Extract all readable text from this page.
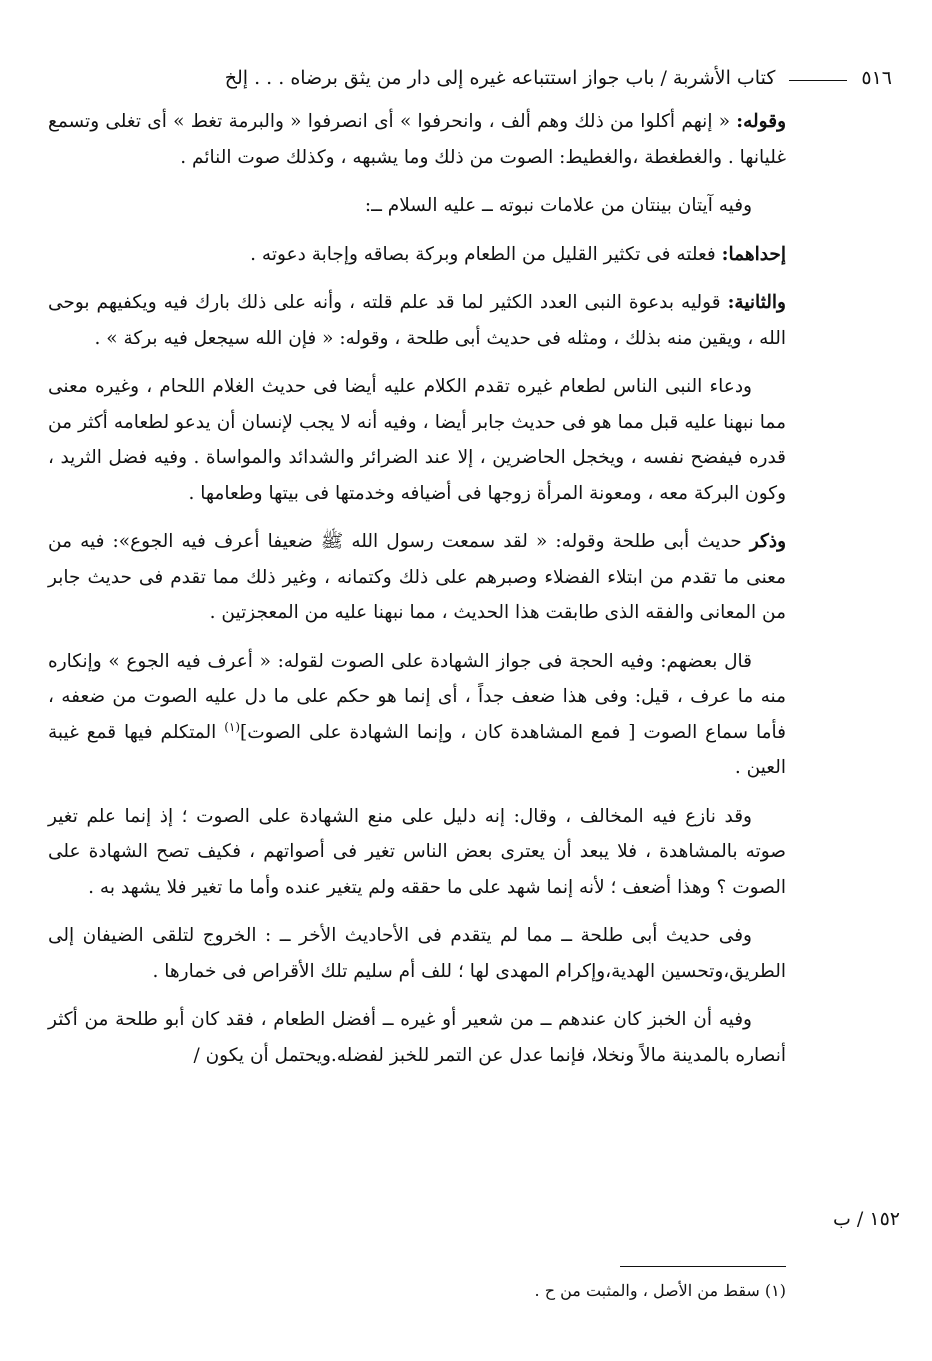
٥١٦
كتاب الأشربة / باب جواز استتباعه غيره إلى دار من يثق برضاه . . . إلخ

وقوله: « إنهم أكلوا من ذلك وهم ألف ، وانحرفوا » أى انصرفوا « والبرمة تغط » أى تغلى وتسمع غليانها . والغطغطة ،والغطيط: الصوت من ذلك وما يشبهه ، وكذلك صوت النائم .

وفيه آيتان بينتان من علامات نبوته ــ عليه السلام ــ:

إحداهما: فعلته فى تكثير القليل من الطعام وبركة بصاقه وإجابة دعوته .

والثانية: قوليه بدعوة النبى العدد الكثير لما قد علم قلته ، وأنه على ذلك بارك فيه ويكفيهم بوحى الله ، ويقين منه بذلك ، ومثله فى حديث أبى طلحة ، وقوله: « فإن الله سيجعل فيه بركة » .

ودعاء النبى الناس لطعام غيره تقدم الكلام عليه أيضا فى حديث الغلام اللحام ، وغيره معنى مما نبهنا عليه قبل مما هو فى حديث جابر أيضا ، وفيه أنه لا يجب لإنسان أن يدعو لطعامه أكثر من قدره فيفضح نفسه ، ويخجل الحاضرين ، إلا عند الضرائر والشدائد والمواساة . وفيه فضل الثريد ، وكون البركة معه ، ومعونة المرأة زوجها فى أضيافه وخدمتها فى بيتها وطعامها .

وذكر حديث أبى طلحة وقوله: « لقد سمعت رسول الله ﷺ ضعيفا أعرف فيه الجوع»: فيه من معنى ما تقدم من ابتلاء الفضلاء وصبرهم على ذلك وكتمانه ، وغير ذلك مما تقدم فى حديث جابر من المعانى والفقه الذى طابقت هذا الحديث ، مما نبهنا عليه من المعجزتين .

قال بعضهم: وفيه الحجة فى جواز الشهادة على الصوت لقوله: « أعرف فيه الجوع » وإنكاره منه ما عرف ، قيل: وفى هذا ضعف جداً ، أى إنما هو حكم على ما دل عليه الصوت من ضعفه ، فأما سماع الصوت [ فمع المشاهدة كان ، وإنما الشهادة على الصوت]$^{(١)}$ المتكلم فيها قمع غيبة العين .

وقد نازع فيه المخالف ، وقال: إنه دليل على منع الشهادة على الصوت ؛ إذ إنما علم تغير صوته بالمشاهدة ، فلا يبعد أن يعترى بعض الناس تغير فى أصواتهم ، فكيف تصح الشهادة على الصوت ؟ وهذا أضعف ؛ لأنه إنما شهد على ما حققه ولم يتغير عنده وأما ما تغير فلا يشهد به .

وفى حديث أبى طلحة ــ مما لم يتقدم فى الأحاديث الأخر ــ : الخروج لتلقى الضيفان إلى الطريق،وتحسين الهدية،وإكرام المهدى لها ؛ للف أم سليم تلك الأقراص فى خمارها .

وفيه أن الخبز كان عندهم ــ من شعير أو غيره ــ أفضل الطعام ، فقد كان أبو طلحة من أكثر أنصاره بالمدينة مالاً ونخلا، فإنما عدل عن التمر للخبز لفضله.ويحتمل أن يكون /

١٥٢ / ب
(١) سقط من الأصل ، والمثبت من ح .
